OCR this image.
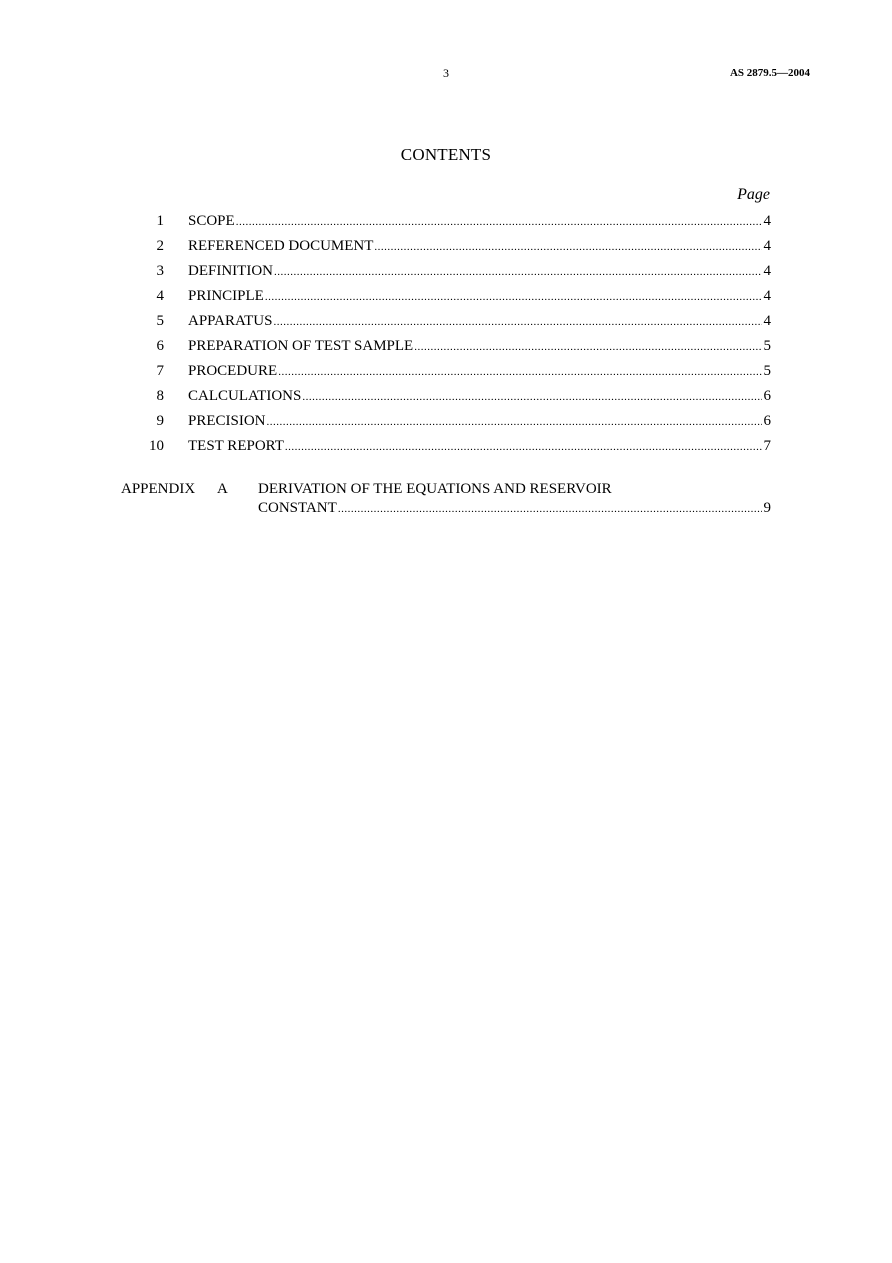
3	AS 2879.5—2004
CONTENTS
Page
1 SCOPE .....	4
2 REFERENCED DOCUMENT .....	4
3 DEFINITION .....	4
4 PRINCIPLE .....	4
5 APPARATUS .....	4
6 PREPARATION OF TEST SAMPLE .....	5
7 PROCEDURE .....	5
8 CALCULATIONS .....	6
9 PRECISION .....	6
10 TEST REPORT .....	7
APPENDIX A DERIVATION OF THE EQUATIONS AND RESERVOIR
CONSTANT .....	9
